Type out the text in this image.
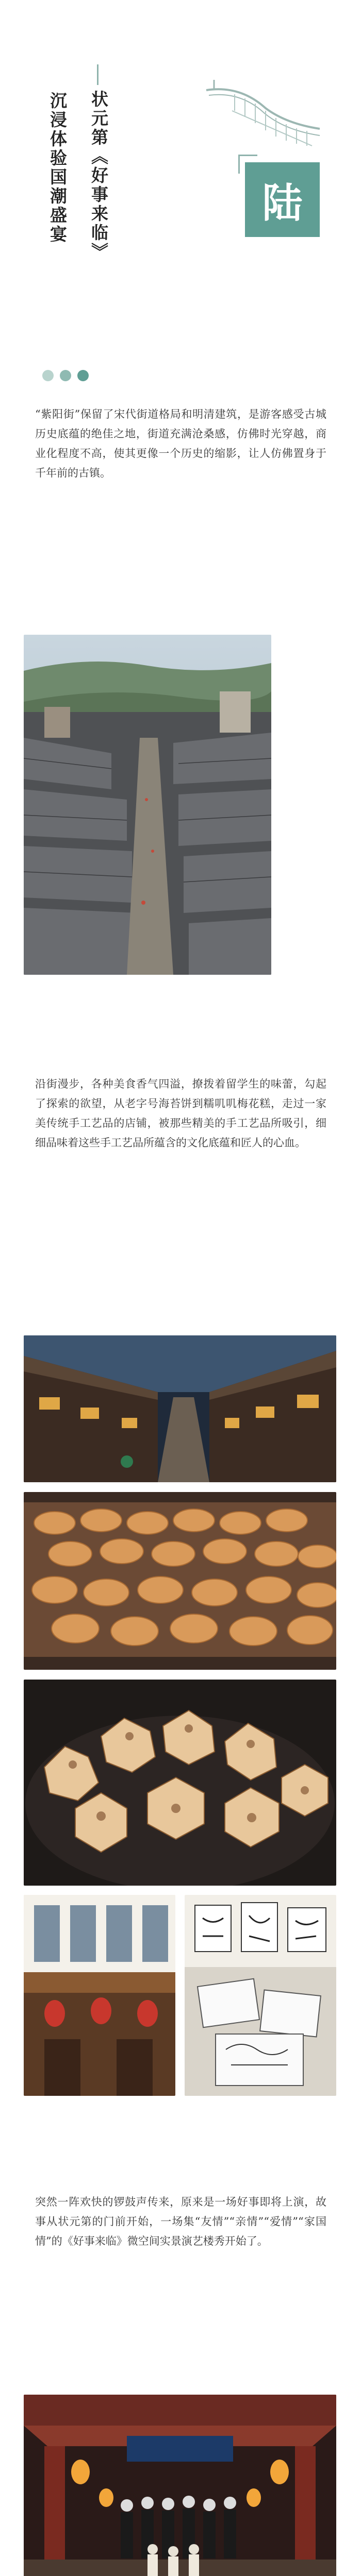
状元第《好事来临》
沉浸体验国潮盛宴	陆
“紫阳街”保留了宋代街道格局和明清建筑，是游客感受古城历史底蕴的绝佳之地，街道充满沧桑感，仿佛时光穿越，商业化程度不高，使其更像一个历史的缩影，让人仿佛置身于千年前的古镇。
沿街漫步，各种美食香气四溢，撩拨着留学生的味蕾，勾起了探索的欲望，从老字号海苔饼到糯叽叽梅花糕，走过一家美传统手工艺品的店铺，被那些精美的手工艺品所吸引，细细品味着这些手工艺品所蕴含的文化底蕴和匠人的心血。
突然一阵欢快的锣鼓声传来，原来是一场好事即将上演，故事从状元第的门前开始，一场集“友情”“亲情”“爱情”“家国情”的《好事来临》微空间实景演艺楼秀开始了。
